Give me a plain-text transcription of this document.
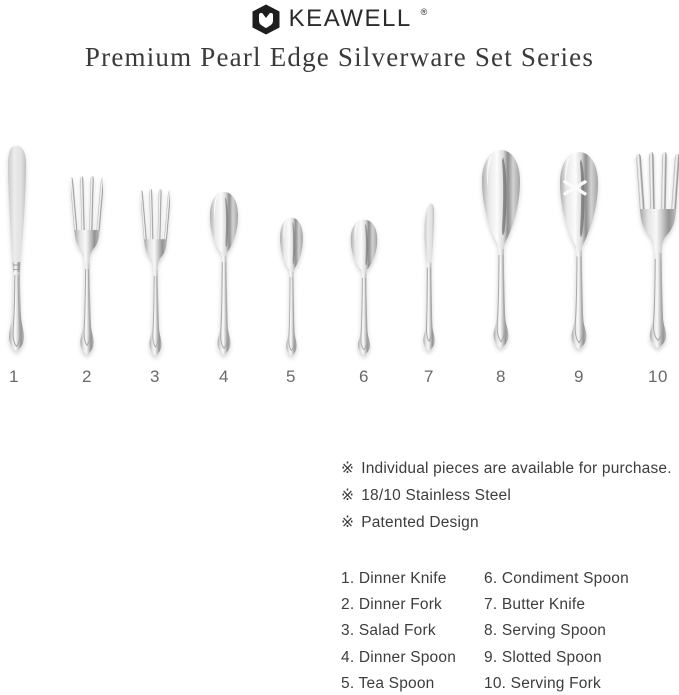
KEAWELL ®
Premium Pearl Edge Silverware Set Series
1	2	3	4	5	6	7	8	9	10
※ Individual pieces are available for purchase.
※ 18/10 Stainless Steel
※ Patented Design
1. Dinner Knife
2. Dinner Fork
3. Salad Fork
4. Dinner Spoon
5. Tea Spoon
6. Condiment Spoon
7. Butter Knife
8. Serving Spoon
9. Slotted Spoon
10. Serving Fork
